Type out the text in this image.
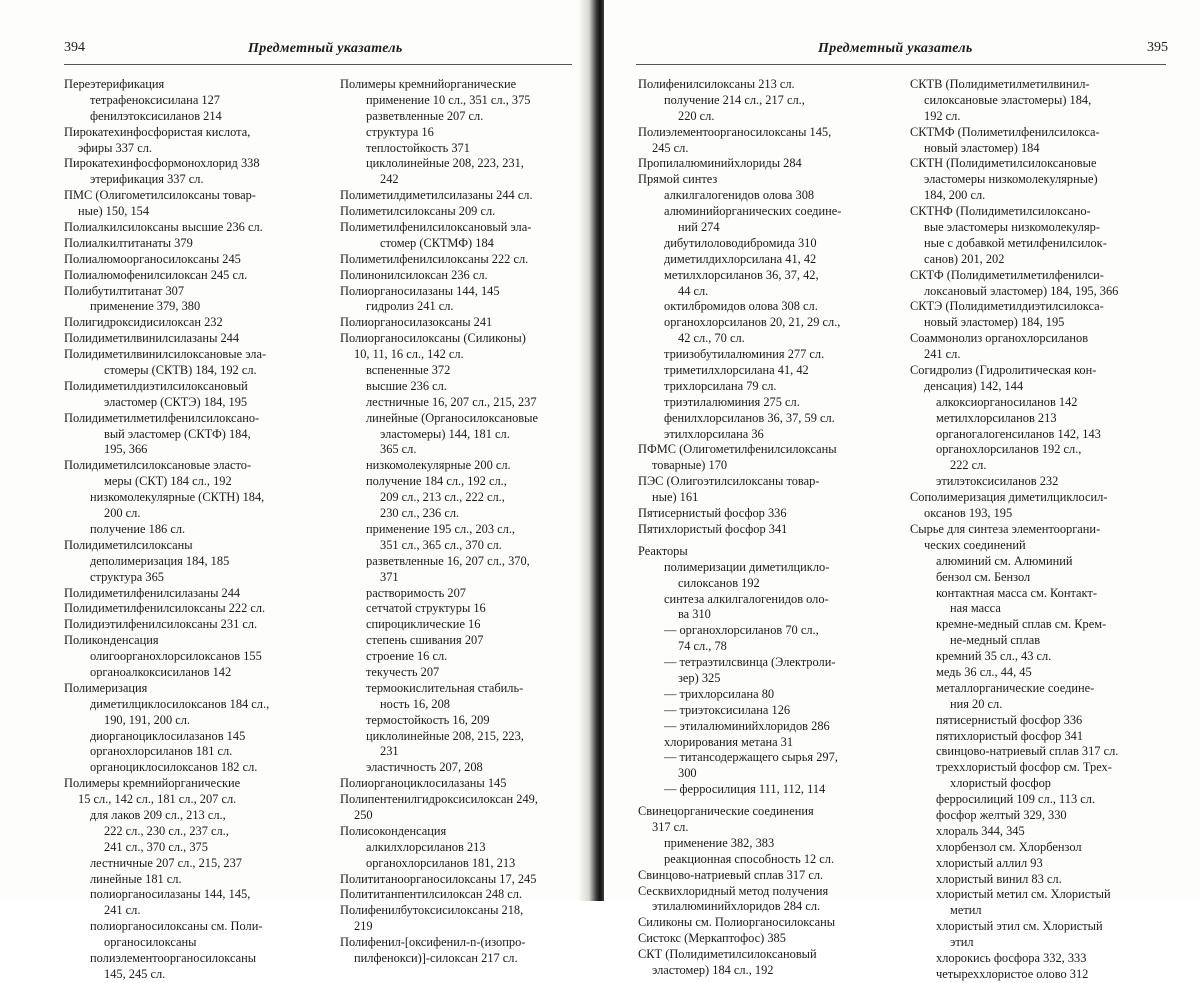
394	Предметный указатель
Переэтерификация
тетрафеноксисилана 127
фенилэтоксисиланов 214
Пирокатехинфосфористая кислота,
эфиры 337 сл.
Пирокатехинфосформонохлорид 338
этерификация 337 сл.
ПМС (Олигометилсилоксаны товар-
ные) 150, 154
Полиалкилсилоксаны высшие 236 сл.
Полиалкилтитанаты 379
Полиалюмоорганосилоксаны 245
Полиалюмофенилсилоксан 245 сл.
Полибутилтитанат 307
применение 379, 380
Полигидроксидисилоксан 232
Полидиметилвинилсилазаны 244
Полидиметилвинилсилоксановые эла-
стомеры (СКТВ) 184, 192 сл.
Полидиметилдиэтилсилоксановый
эластомер (СКТЭ) 184, 195
Полидиметилметилфенилсилоксано-
вый эластомер (СКТФ) 184,
195, 366
Полидиметилсилоксановые эласто-
меры (СКТ) 184 сл., 192
низкомолекулярные (СКТН) 184,
200 сл.
получение 186 сл.
Полидиметилсилоксаны
деполимеризация 184, 185
структура 365
Полидиметилфенилсилазаны 244
Полидиметилфенилсилоксаны 222 сл.
Полидиэтилфенилсилоксаны 231 сл.
Поликонденсация
олигоорганохлорсилоксанов 155
органоалкоксисиланов 142
Полимеризация
диметилциклосилоксанов 184 сл.,
190, 191, 200 сл.
диорганоциклосилазанов 145
органохлорсиланов 181 сл.
органоциклосилоксанов 182 сл.
Полимеры кремнийорганические
15 сл., 142 сл., 181 сл., 207 сл.
для лаков 209 сл., 213 сл.,
222 сл., 230 сл., 237 сл.,
241 сл., 370 сл., 375
лестничные 207 сл., 215, 237
линейные 181 сл.
полиорганосилазаны 144, 145,
241 сл.
полиорганосилоксаны см. Поли-
органосилоксаны
полиэлементоорганосилоксаны
145, 245 сл.
Полимеры кремнийорганические
применение 10 сл., 351 сл., 375
разветвленные 207 сл.
структура 16
теплостойкость 371
циклолинейные 208, 223, 231,
242
Полиметилдиметилсилазаны 244 сл.
Полиметилсилоксаны 209 сл.
Полиметилфенилсилоксановый эла-
стомер (СКТМФ) 184
Полиметилфенилсилоксаны 222 сл.
Полинонилсилоксан 236 сл.
Полиорганосилазаны 144, 145
гидролиз 241 сл.
Полиорганосилазоксаны 241
Полиорганосилоксаны (Силиконы)
10, 11, 16 сл., 142 сл.
вспененные 372
высшие 236 сл.
лестничные 16, 207 сл., 215, 237
линейные (Органосилоксановые
эластомеры) 144, 181 сл.
365 сл.
низкомолекулярные 200 сл.
получение 184 сл., 192 сл.,
209 сл., 213 сл., 222 сл.,
230 сл., 236 сл.
применение 195 сл., 203 сл.,
351 сл., 365 сл., 370 сл.
разветвленные 16, 207 сл., 370,
371
растворимость 207
сетчатой структуры 16
спироциклические 16
степень сшивания 207
строение 16 сл.
текучесть 207
термоокислительная стабиль-
ность 16, 208
термостойкость 16, 209
циклолинейные 208, 215, 223,
231
эластичность 207, 208
Полиорганоциклосилазаны 145
Полипентенилгидроксисилоксан 249,
250
Полисоконденсация
алкилхлорсиланов 213
органохлорсиланов 181, 213
Полититаноорганосилоксаны 17, 245
Полититанпентилсилоксан 248 сл.
Полифенилбутоксисилоксаны 218,
219
Полифенил-[оксифенил-n-(изопро-
пилфенокси)]-силоксан 217 сл.
Предметный указатель	395
Полифенилсилоксаны 213 сл.
получение 214 сл., 217 сл.,
220 сл.
Полиэлементоорганосилоксаны 145,
245 сл.
Пропилалюминийхлориды 284
Прямой синтез
алкилгалогенидов олова 308
алюминийорганических соедине-
ний 274
дибутилоловодибромида 310
диметилдихлорсилана 41, 42
метилхлорсиланов 36, 37, 42,
44 сл.
октилбромидов олова 308 сл.
органохлорсиланов 20, 21, 29 сл.,
42 сл., 70 сл.
триизобутилалюминия 277 сл.
триметилхлорсилана 41, 42
трихлорсилана 79 сл.
триэтилалюминия 275 сл.
фенилхлорсиланов 36, 37, 59 сл.
этилхлорсилана 36
ПФМС (Олигометилфенилсилоксаны
товарные) 170
ПЭС (Олигоэтилсилоксаны товар-
ные) 161
Пятисернистый фосфор 336
Пятихлористый фосфор 341
Реакторы
полимеризации диметилцикло-
силоксанов 192
синтеза алкилгалогенидов оло-
ва 310
— органохлорсиланов 70 сл.,
74 сл., 78
— тетраэтилсвинца (Электроли-
зер) 325
— трихлорсилана 80
— триэтоксисилана 126
— этилалюминийхлоридов 286
хлорирования метана 31
— титансодержащего сырья 297,
300
— ферросилиция 111, 112, 114
Свинецорганические соединения
317 сл.
применение 382, 383
реакционная способность 12 сл.
Свинцово-натриевый сплав 317 сл.
Сесквихлоридный метод получения
этилалюминийхлоридов 284 сл.
Силиконы см. Полиорганосилоксаны
Систокс (Меркаптофос) 385
СКТ (Полидиметилсилоксановый
эластомер) 184 сл., 192
СКТВ (Полидиметилметилвинил-
силоксановые эластомеры) 184,
192 сл.
СКТМФ (Полиметилфенилсилокса-
новый эластомер) 184
СКТН (Полидиметилсилоксановые
эластомеры низкомолекулярные)
184, 200 сл.
СКТНФ (Полидиметилсилоксано-
вые эластомеры низкомолекуляр-
ные с добавкой метилфенилсилок-
санов) 201, 202
СКТФ (Полидиметилметилфенилси-
локсановый эластомер) 184, 195, 366
СКТЭ (Полидиметилдиэтилсилокса-
новый эластомер) 184, 195
Соаммонолиз органохлорсиланов
241 сл.
Согидролиз (Гидролитическая кон-
денсация) 142, 144
алкоксиорганосиланов 142
метилхлорсиланов 213
органогалогенсиланов 142, 143
органохлорсиланов 192 сл.,
222 сл.
этилэтоксисиланов 232
Сополимеризация диметилциклосил-
оксанов 193, 195
Сырье для синтеза элементооргани-
ческих соединений
алюминий см. Алюминий
бензол см. Бензол
контактная масса см. Контакт-
ная масса
кремне-медный сплав см. Крем-
не-медный сплав
кремний 35 сл., 43 сл.
медь 36 сл., 44, 45
металлорганические соедине-
ния 20 сл.
пятисернистый фосфор 336
пятихлористый фосфор 341
свинцово-натриевый сплав 317 сл.
треххлористый фосфор см. Трех-
хлористый фосфор
ферросилиций 109 сл., 113 сл.
фосфор желтый 329, 330
хлораль 344, 345
хлорбензол см. Хлорбензол
хлористый аллил 93
хлористый винил 83 сл.
хлористый метил см. Хлористый
метил
хлористый этил см. Хлористый
этил
хлорокись фосфора 332, 333
четыреххлористое олово 312
